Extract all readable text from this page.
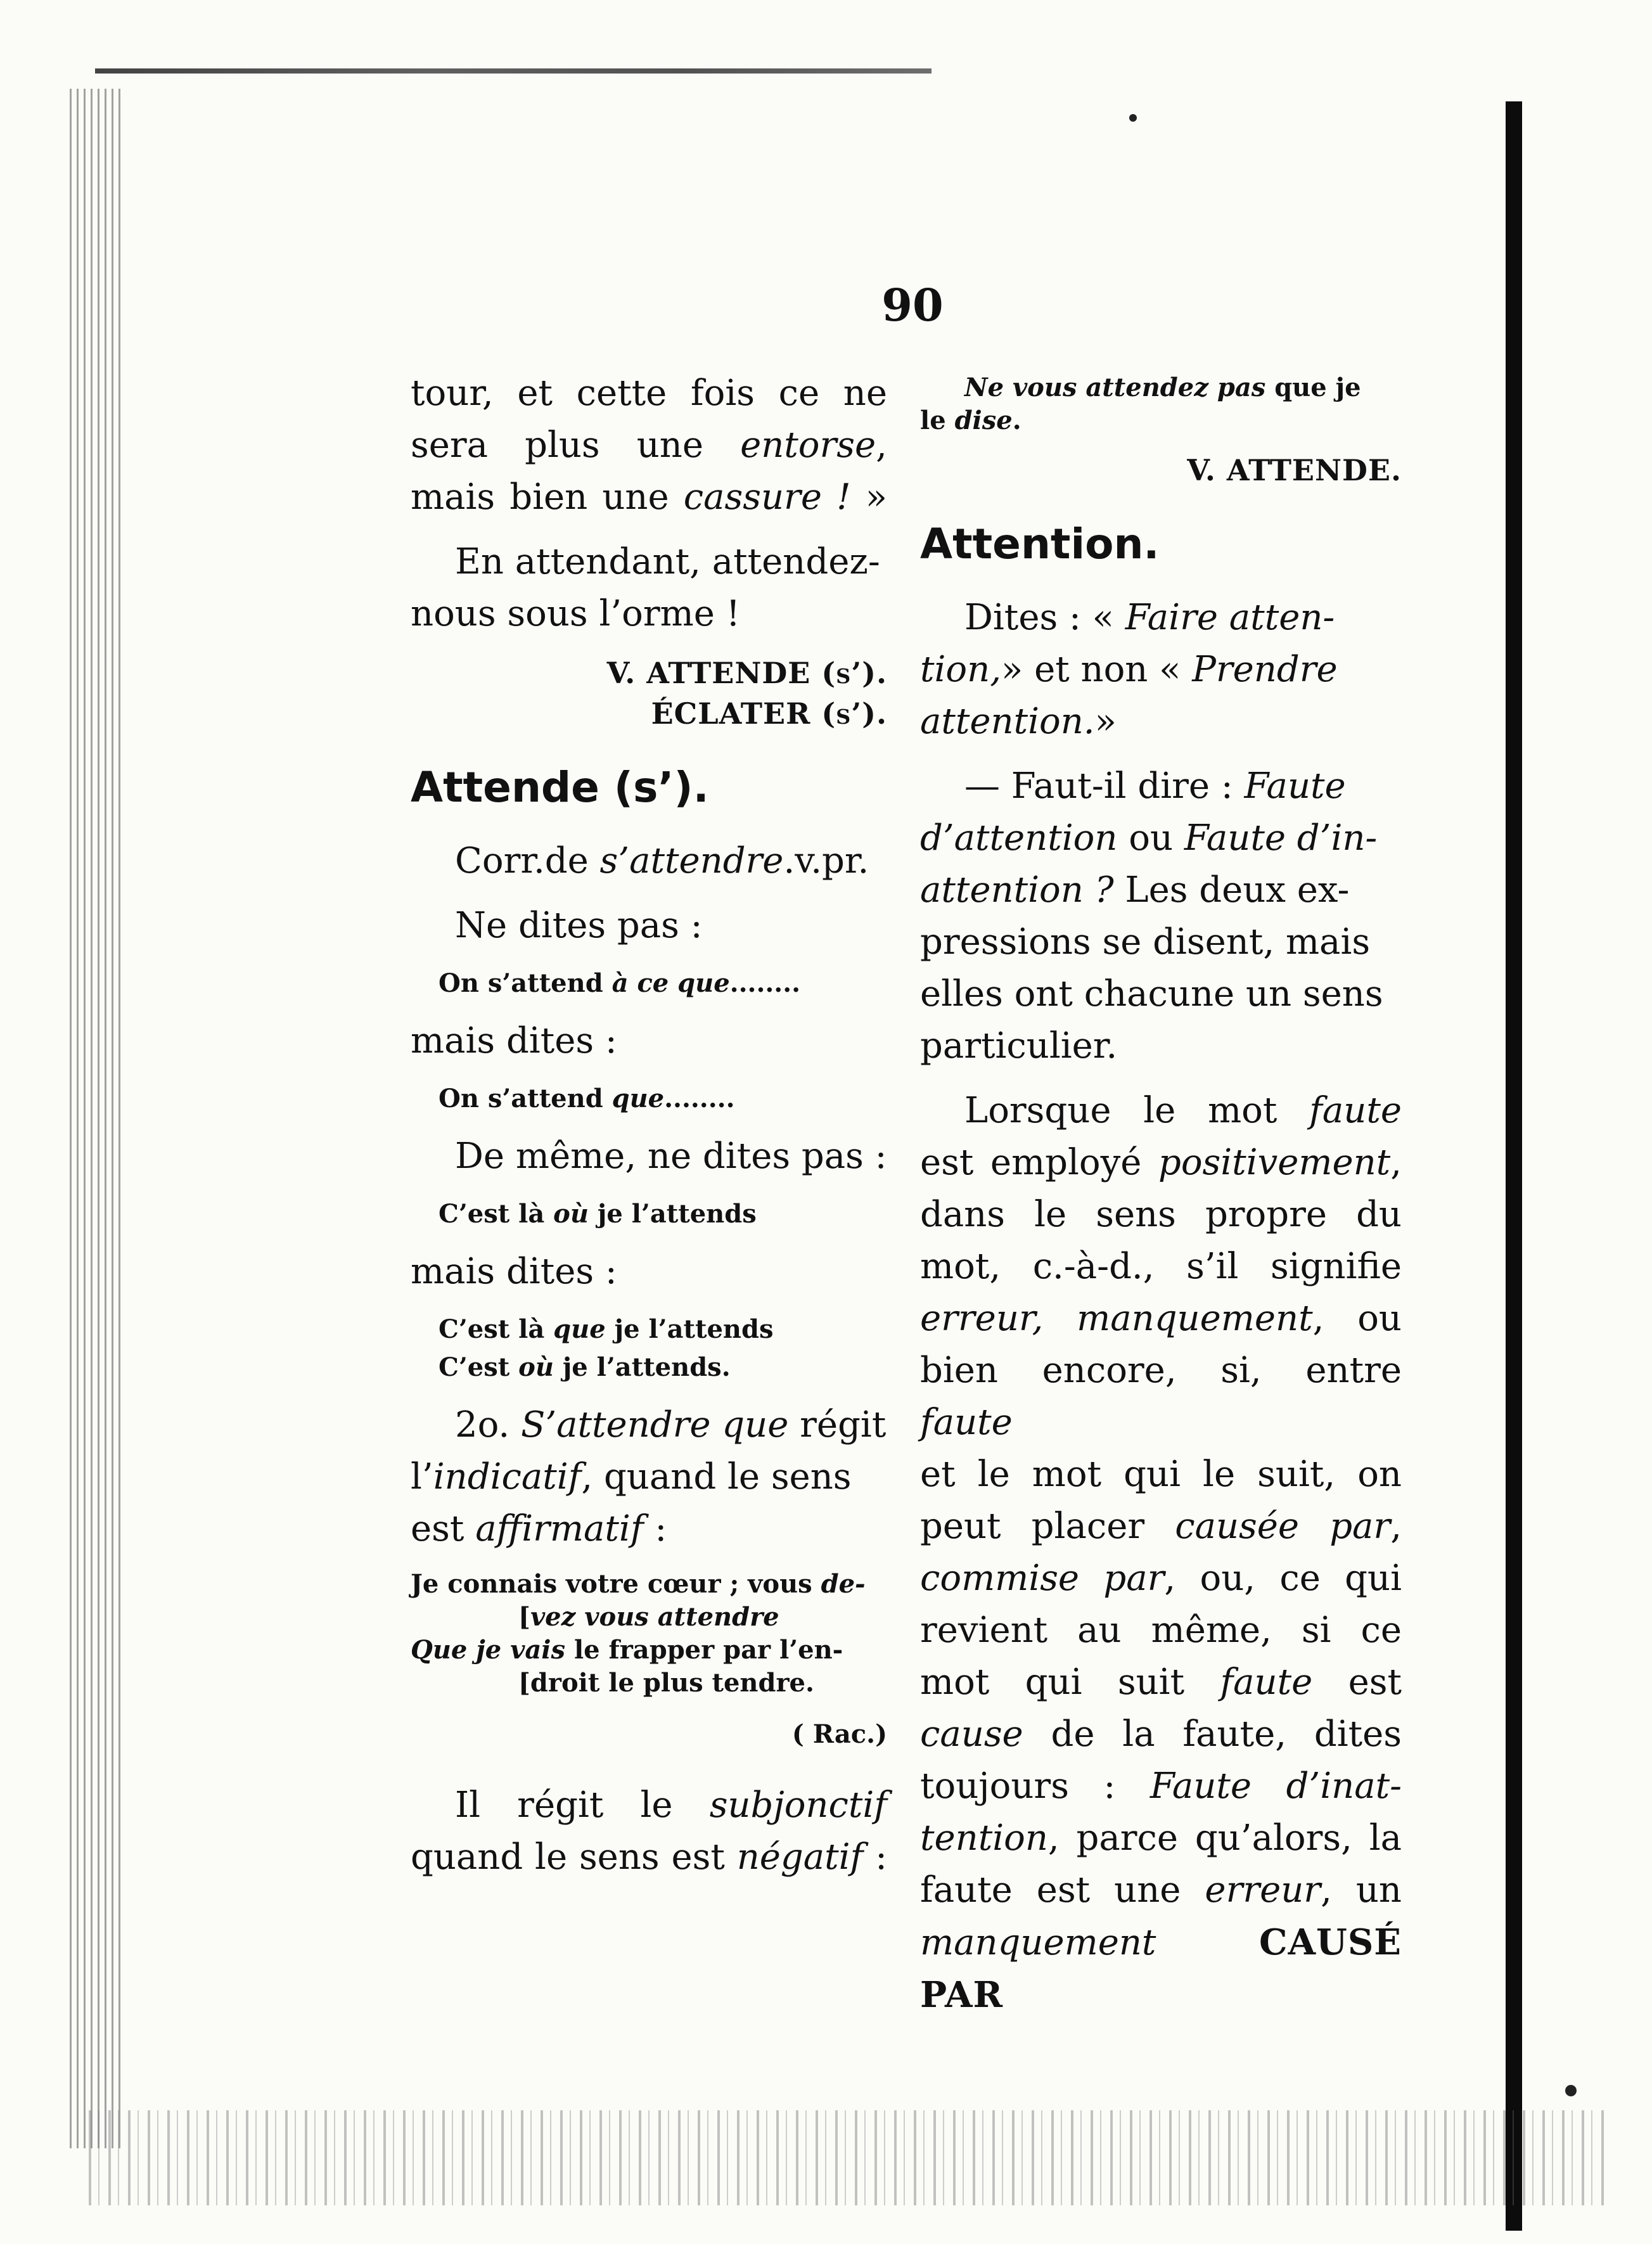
90

tour, et cette fois ce ne
sera plus une entorse,
mais bien une cassure ! »

En attendant, attendez-
nous sous l’orme !

V. ATTENDE (s’).
ÉCLATER (s’).

Attende (s’).

Corr.de s’attendre.v.pr.

Ne dites pas :

On s’attend à ce que........

mais dites :

On s’attend que........

De même, ne dites pas :

C’est là où je l’attends

mais dites :

C’est là que je l’attends

C’est où je l’attends.

2o. S’attendre que régit
l’indicatif, quand le sens
est affirmatif :

Je connais votre cœur ; vous de-
[vez vous attendre
Que je vais le frapper par l’en-
[droit le plus tendre.
( Rac.)

Il régit le subjonctif
quand le sens est négatif :

Ne vous attendez pas que je
le dise.

V. ATTENDE.

Attention.

Dites : « Faire atten-
tion,» et non « Prendre
attention.»

— Faut-il dire : Faute
d’attention ou Faute d’in-
attention ? Les deux ex-
pressions se disent, mais
elles ont chacune un sens
particulier.

Lorsque le mot faute
est employé positivement,
dans le sens propre du
mot, c.-à-d., s’il signifie
erreur, manquement, ou
bien encore, si, entre faute
et le mot qui le suit, on
peut placer causée par,
commise par, ou, ce qui
revient au même, si ce
mot qui suit faute est
cause de la faute, dites
toujours : Faute d’inat-
tention, parce qu’alors, la
faute est une erreur, un
manquement CAUSÉ PAR
